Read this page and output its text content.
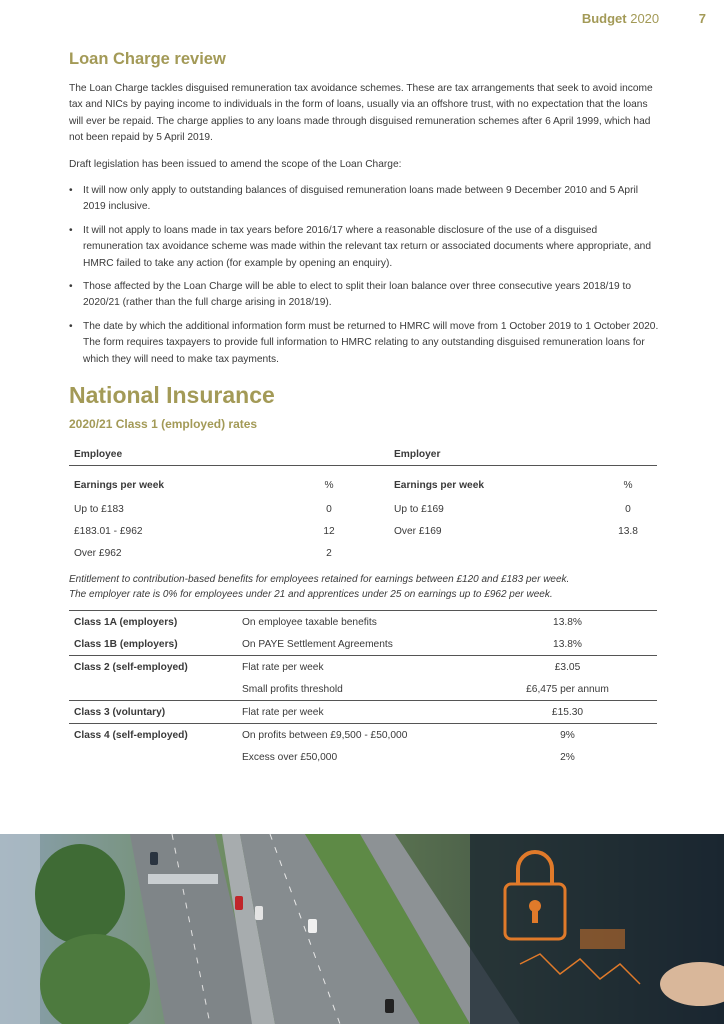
Budget 2020	7
Loan Charge review

The Loan Charge tackles disguised remuneration tax avoidance schemes. These are tax arrangements that seek to avoid income tax and NICs by paying income to individuals in the form of loans, usually via an offshore trust, with no expectation that the loans will ever be repaid. The charge applies to any loans made through disguised remuneration schemes after 6 April 1999, which had not been repaid by 5 April 2019.

Draft legislation has been issued to amend the scope of the Loan Charge:

• It will now only apply to outstanding balances of disguised remuneration loans made between 9 December 2010 and 5 April 2019 inclusive.
• It will not apply to loans made in tax years before 2016/17 where a reasonable disclosure of the use of a disguised remuneration tax avoidance scheme was made within the relevant tax return or associated documents where appropriate, and HMRC failed to take any action (for example by opening an enquiry).
• Those affected by the Loan Charge will be able to elect to split their loan balance over three consecutive years 2018/19 to 2020/21 (rather than the full charge arising in 2018/19).
• The date by which the additional information form must be returned to HMRC will move from 1 October 2019 to 1 October 2020. The form requires taxpayers to provide full information to HMRC relating to any outstanding disguised remuneration loans for which they will need to make tax payments.
National Insurance
2020/21 Class 1 (employed) rates
Employee			Employer	
Earnings per week	%		Earnings per week	%
Up to £183	0		Up to £169	0
£183.01 - £962	12		Over £169	13.8
Over £962	2			

Entitlement to contribution-based benefits for employees retained for earnings between £120 and £183 per week.
The employer rate is 0% for employees under 21 and apprentices under 25 on earnings up to £962 per week.

Class 1A (employers)	On employee taxable benefits	13.8%
Class 1B (employers)	On PAYE Settlement Agreements	13.8%
Class 2 (self-employed)	Flat rate per week	£3.05
	Small profits threshold	£6,475 per annum
Class 3 (voluntary)	Flat rate per week	£15.30
Class 4 (self-employed)	On profits between £9,500 - £50,000	9%
	Excess over £50,000	2%
